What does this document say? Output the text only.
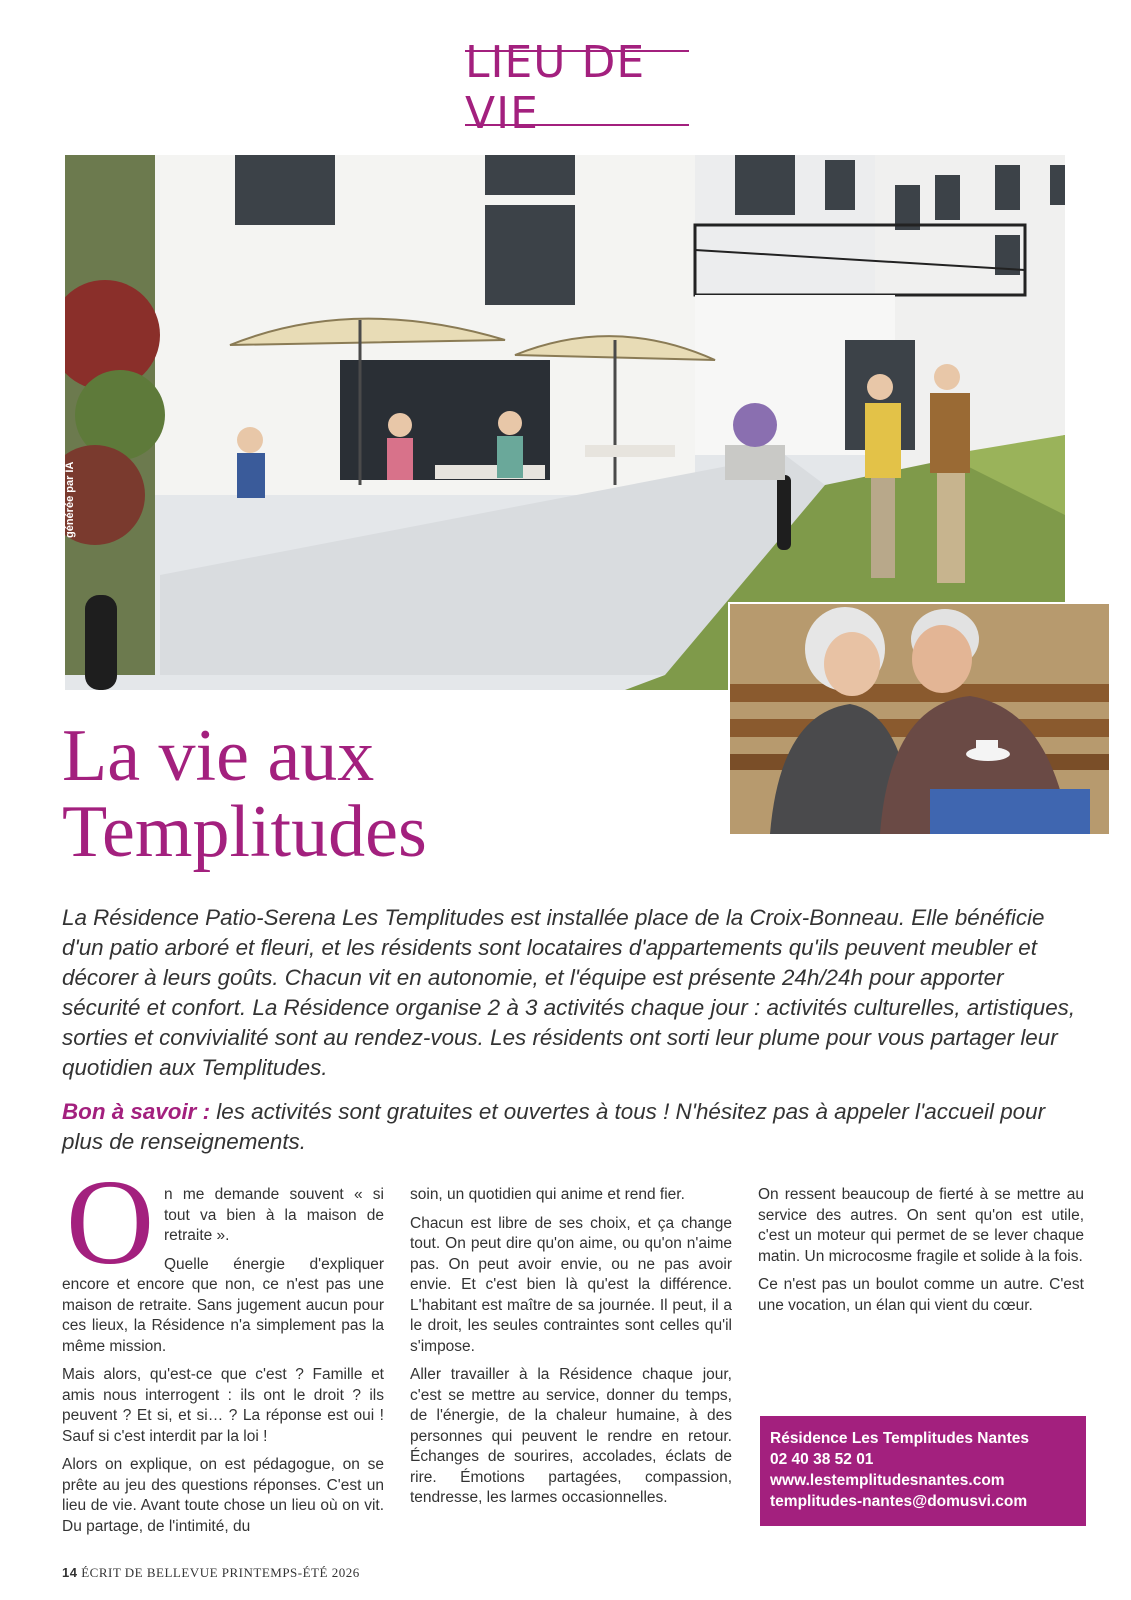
LIEU DE VIE
générée par IA
La vie aux
Templitudes

La Résidence Patio-Serena Les Templitudes est installée place de la Croix-Bonneau. Elle bénéficie d'un patio arboré et fleuri, et les résidents sont locataires d'appartements qu'ils peuvent meubler et décorer à leurs goûts. Chacun vit en autonomie, et l'équipe est présente 24h/24h pour apporter sécurité et confort. La Résidence organise 2 à 3 activités chaque jour : activités culturelles, artistiques, sorties et convivialité sont au rendez-vous. Les résidents ont sorti leur plume pour vous partager leur quotidien aux Templitudes.

Bon à savoir : les activités sont gratuites et ouvertes à tous ! N'hésitez pas à appeler l'accueil pour plus de renseignements.

O n me demande souvent « si tout va bien à la maison de retraite ».

Quelle énergie d'expliquer encore et encore que non, ce n'est pas une maison de retraite. Sans jugement aucun pour ces lieux, la Résidence n'a simplement pas la même mission.

Mais alors, qu'est-ce que c'est ? Famille et amis nous interrogent : ils ont le droit ? ils peuvent ? Et si, et si… ? La réponse est oui ! Sauf si c'est interdit par la loi !

Alors on explique, on est pédagogue, on se prête au jeu des questions réponses. C'est un lieu de vie. Avant toute chose un lieu où on vit. Du partage, de l'intimité, du

soin, un quotidien qui anime et rend fier.

Chacun est libre de ses choix, et ça change tout. On peut dire qu'on aime, ou qu'on n'aime pas. On peut avoir envie, ou ne pas avoir envie. Et c'est bien là qu'est la différence. L'habitant est maître de sa journée. Il peut, il a le droit, les seules contraintes sont celles qu'il s'impose.

Aller travailler à la Résidence chaque jour, c'est se mettre au service, donner du temps, de l'énergie, de la chaleur humaine, à des personnes qui peuvent le rendre en retour. Échanges de sourires, accolades, éclats de rire. Émotions partagées, compassion, tendresse, les larmes occasionnelles.

On ressent beaucoup de fierté à se mettre au service des autres. On sent qu'on est utile, c'est un moteur qui permet de se lever chaque matin. Un microcosme fragile et solide à la fois.

Ce n'est pas un boulot comme un autre. C'est une vocation, un élan qui vient du cœur.

Résidence Les Templitudes Nantes
02 40 38 52 01
www.lestemplitudesnantes.com
templitudes-nantes@domusvi.com
14 ÉCRIT DE BELLEVUE PRINTEMPS-ÉTÉ 2026
